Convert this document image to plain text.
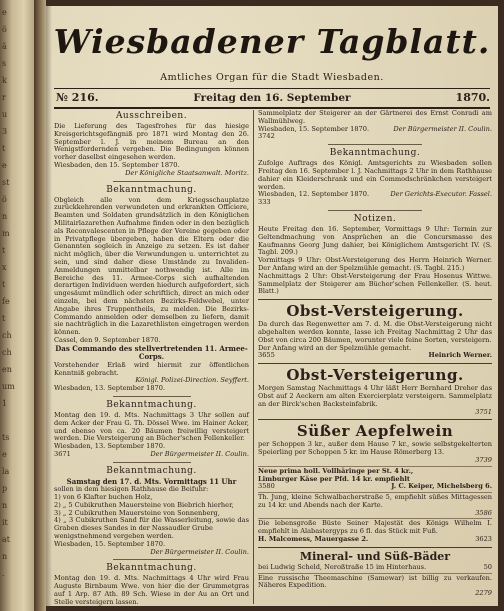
e
ö
ã
s
k
r
u
3
t
e
st
ö
n
m
t
x
t
fe
t
ch
ch
en
um
1
ts
e
la
p
n
it
at
n
.
Wiesbadener Tagblatt.
Amtliches Organ für die Stadt Wiesbaden.
№ 216.	Freitag den 16. September	1870.
Ausschreiben.

Die Lieferung des Tagesfrohes für das hiesige Kreisgerichtsgefängniß pro 1871 wird Montag den 26. September l. J. in meinem Bureau an den Wenigstfordernden vergeben. Die Bedingungen können vorher daselbst eingesehen werden.

Wiesbaden, den 15. September 1870.

Der Königliche Staatsanwalt. Moritz.

Bekanntmachung.

Obgleich alle von dem Kriegsschauplatze zurückkehrenden verwundeten und erkrankten Officiere, Beamten und Soldaten grundsätzlich in den Königlichen Militairlazarethen Aufnahme finden oder in den bezüglich als Reconvalescenten in Pflege der Vereine gegeben oder in Privatpflege übergeben, haben die Eltern oder die Genannten sogleich in Anzeige zu setzen. Es ist daher nicht möglich, über die Verwundungen u. unterrichtet zu sein, und sind daher diese Umstände zu Invaliden-Anmeldungen unmittelbar nothwendig ist. Alle im Bereiche des 11. Armee-Corps sich aufhaltenden derartigen Individuen werden hiedurch aufgefordert, sich ungesäumt mündlich oder schriftlich, direct an mich oder einzeln, bei dem nächsten Bezirks-Feldwebel, unter Angabe ihres Truppentheils, zu melden. Die Bezirks-Commando anmelden oder demselben zu liefern, damit sie nachträglich in die Lazarethlisten eingetragen werden können.

Cassel, den 9. September 1870.

Das Commando des stellvertretenden 11. Armee-Corps.

Vorstehender Erlaß wird hiermit zur öffentlichen Kenntniß gebracht.

Königl. Polizei-Direction. Seyffert.

Wiesbaden, 13. September 1870.

Bekanntmachung.

Montag den 19. d. Mts. Nachmittags 3 Uhr sollen auf dem Acker der Frau G. Th. Dössel Wwe. im Hainer Acker, und ebenso von ca. 20 Bäumen freiwillig versteigert werden. Die Versteigerung an Bücher'schen Fellenkeller.

Wiesbaden, 13. September 1870.

3671	Der Bürgermeister II. Coulin.
Bekanntmachung.
Samstag den 17. d. Mts. Vormittags 11 Uhr

sollen in dem hiesigen Rathhause die Beifuhr:

1) von 6 Klafter buchen Holz,

2) „ 5 Cubikruthen Mauersteine von Biebrich hierher,

3) „ 2 Cubikruthen Mauersteine von Sonnenberg,

4) „ 3 Cubikruthen Sand für die Wasserleitung, sowie das Graben dieses Sandes in der Nassaudler Grube

wenigstnehmend vergeben werden.

Wiesbaden, 15. September 1870.

Der Bürgermeister II. Coulin.

Bekanntmachung.

Montag den 19. d. Mts. Nachmittags 4 Uhr wird Frau Auguste Birnbaum Wwe. von hier die der Grummetgras auf 1 Arp. 87 Ath. 89 Sch. Wiese in der Au an Ort und Stelle versteigern lassen.

Sammelplatz der Steigerer an der Gärtnerei des Ernst Conradi am Wallmühlweg.

Wiesbaden, 15. September 1870.	Der Bürgermeister II. Coulin.

3742

Bekanntmachung.

Zufolge Auftrags des Königl. Amtsgerichts zu Wiesbaden sollen Freitag den 16. September l. J. Nachmittags 2 Uhr in dem Rathhause dahier ein Kleiderschrank und ein Commodschränkchen versteigert werden.

Wiesbaden, 12. September 1870.	Der Gerichts-Executor. Fassel.

333

Notizen.

Heute Freitag den 16. September, Vormittags 9 Uhr: Termin zur Geltendmachung von Ansprüchen an die Concursmasse des Kaufmanns Georg Jung dahier, bei Königlichem Amtsgericht IV. (S. Tagbl. 209.)

Vormittags 9 Uhr: Obst-Versteigerung des Herrn Heinrich Werner. Der Anfang wird an der Spelzmühle gemacht. (S. Tagbl. 215.)

Nachmittags 2 Uhr: Obst-Versteigerung der Frau Hosenus Wittwe. Sammelplatz der Steigerer am Bücher'schen Fellenkeller. (S. heut. Blatt.)

Obst-Versteigerung.

Da durch das Regenwetter am 7. d. M. die Obst-Versteigerung nicht abgehalten werden konnte, lasse ich Freitag Nachmittag 2 Uhr das Obst von circa 200 Bäumen, worunter viele feine Sorten, versteigern.

Der Anfang wird an der Spelzmühle gemacht.

3655	Heinrich Werner.
Obst-Versteigerung.

Morgen Samstag Nachmittags 4 Uhr läßt Herr Bernhard Dreher das Obst auf 2 Aeckern am alten Exercierplatz versteigern. Sammelplatz an der Birck'schen Backsteinfabrik.

3751

Süßer Aepfelwein

per Schoppen 3 kr., außer dem Hause 7 kr., sowie selbstgekelterten Speierling per Schoppen 5 kr. im Hause Römerberg 13.

3739

Neue prima holl. Vollhäringe per St. 4 kr.,

Limburger Käse per Pfd. 14 kr. empfiehlt

3580	J. C. Keiper, Michelsberg 6.

Th. Jung, kleine Schwalbacherstraße 5, empfiehlt süßes Mittagessen zu 14 kr. und Abends nach der Karte.

3586

Die lebensgroße Büste Seiner Majestät des Königs Wilhelm I. empfiehlt in Alabastergyps zu 6 fl. das Stück mit Fuß.

H. Malcomess, Mauergasse 2.	3623
Mineral- und Süß-Bäder
bei Ludwig Scheld, Neroßtraße 15 im Hinterhaus.	50

Eine russische Theemaschine (Samowar) ist billig zu verkaufen. Näheres Expedition.

2279
